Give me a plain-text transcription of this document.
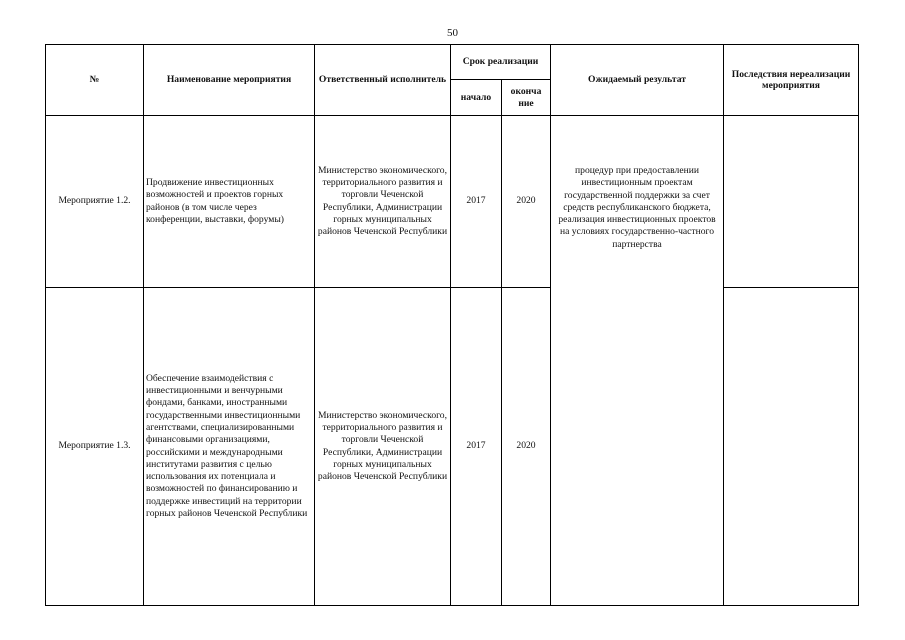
50
№	Наименование мероприятия	Ответственный исполнитель	Срок реализации		Ожидаемый результат	Последствия нереализации мероприятия
			начало	оконча ние		

Мероприятие 1.2.	Продвижение инвестиционных возможностей и проектов горных районов (в том числе через конференции, выставки, форумы)	Министерство экономического, территориального развития и торговли Чеченской Республики, Администрации горных муниципальных районов Чеченской Республики	2017	2020	процедур при предоставлении инвестиционным проектам государственной поддержки за счет средств республиканского бюджета, реализация инвестиционных проектов на условиях государственно-частного партнерства	

Мероприятие 1.3.	Обеспечение взаимодействия с инвестиционными и венчурными фондами, банками, иностранными государственными инвестиционными агентствами, специализированными финансовыми организациями, российскими и международными институтами развития с целью использования их потенциала и возможностей по финансированию и поддержке инвестиций на территории горных районов Чеченской Республики	Министерство экономического, территориального развития и торговли Чеченской Республики, Администрации горных муниципальных районов Чеченской Республики	2017	2020		
